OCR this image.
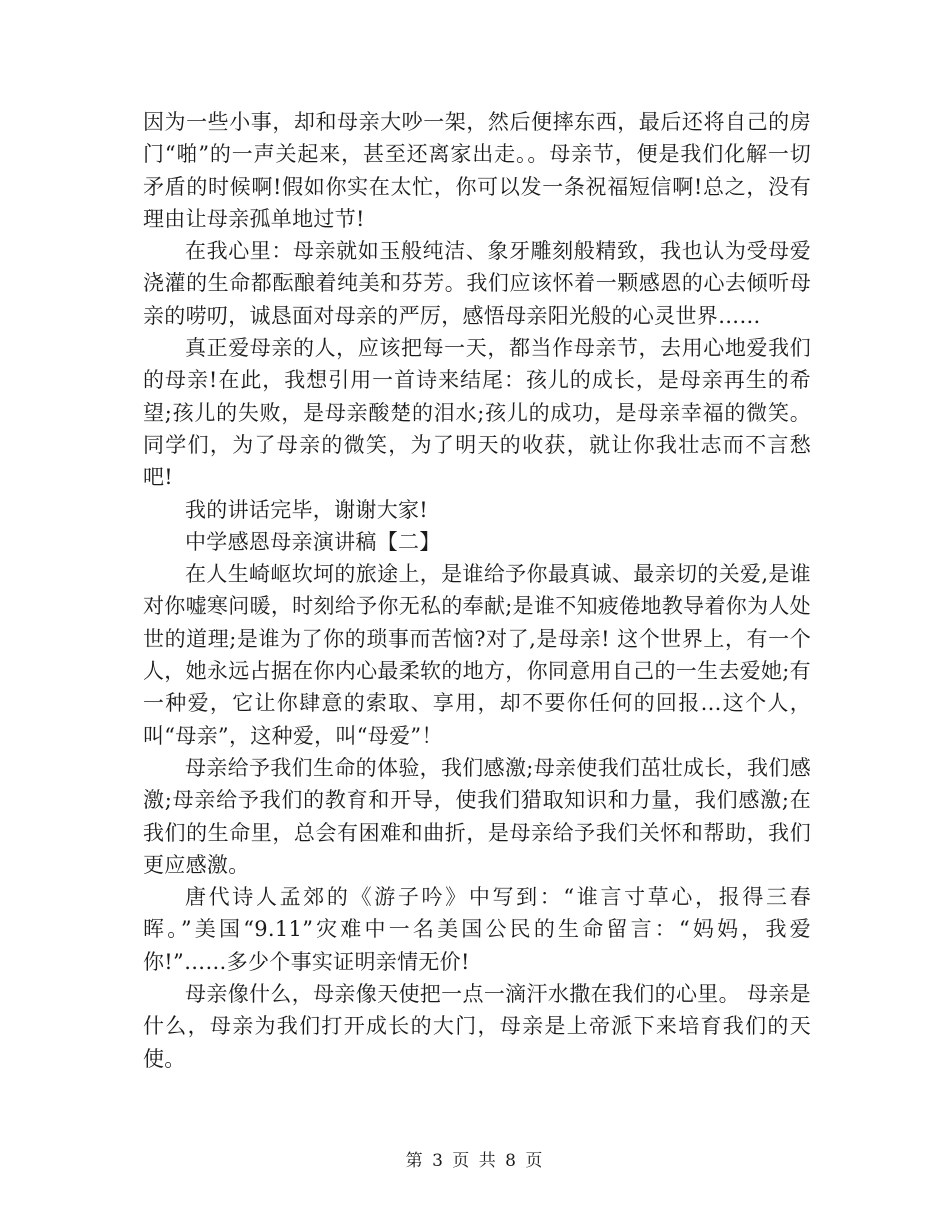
因为一些小事，却和母亲大吵一架，然后便摔东西，最后还将自己的房门“啪”的一声关起来，甚至还离家出走。。母亲节，便是我们化解一切矛盾的时候啊!假如你实在太忙，你可以发一条祝福短信啊!总之，没有理由让母亲孤单地过节!

在我心里：母亲就如玉般纯洁、象牙雕刻般精致，我也认为受母爱浇灌的生命都酝酿着纯美和芬芳。我们应该怀着一颗感恩的心去倾听母亲的唠叨，诚恳面对母亲的严厉，感悟母亲阳光般的心灵世界……

真正爱母亲的人，应该把每一天，都当作母亲节，去用心地爱我们的母亲!在此，我想引用一首诗来结尾：孩儿的成长，是母亲再生的希望;孩儿的失败，是母亲酸楚的泪水;孩儿的成功，是母亲幸福的微笑。同学们，为了母亲的微笑，为了明天的收获，就让你我壮志而不言愁吧!

我的讲话完毕，谢谢大家!

中学感恩母亲演讲稿【二】

在人生崎岖坎坷的旅途上，是谁给予你最真诚、最亲切的关爱,是谁对你嘘寒问暖，时刻给予你无私的奉献;是谁不知疲倦地教导着你为人处世的道理;是谁为了你的琐事而苦恼?对了,是母亲! 这个世界上，有一个人，她永远占据在你内心最柔软的地方，你同意用自己的一生去爱她;有一种爱，它让你肆意的索取、享用，却不要你任何的回报…这个人，叫“母亲”，这种爱，叫“母爱”！

母亲给予我们生命的体验，我们感激;母亲使我们茁壮成长，我们感激;母亲给予我们的教育和开导，使我们猎取知识和力量，我们感激;在我们的生命里，总会有困难和曲折，是母亲给予我们关怀和帮助，我们更应感激。

唐代诗人孟郊的《游子吟》中写到：“谁言寸草心，报得三春晖。”美国“9.11”灾难中一名美国公民的生命留言：“妈妈，我爱你!”……多少个事实证明亲情无价!

母亲像什么，母亲像天使把一点一滴汗水撒在我们的心里。 母亲是什么，母亲为我们打开成长的大门，母亲是上帝派下来培育我们的天使。

第 3 页 共 8 页
